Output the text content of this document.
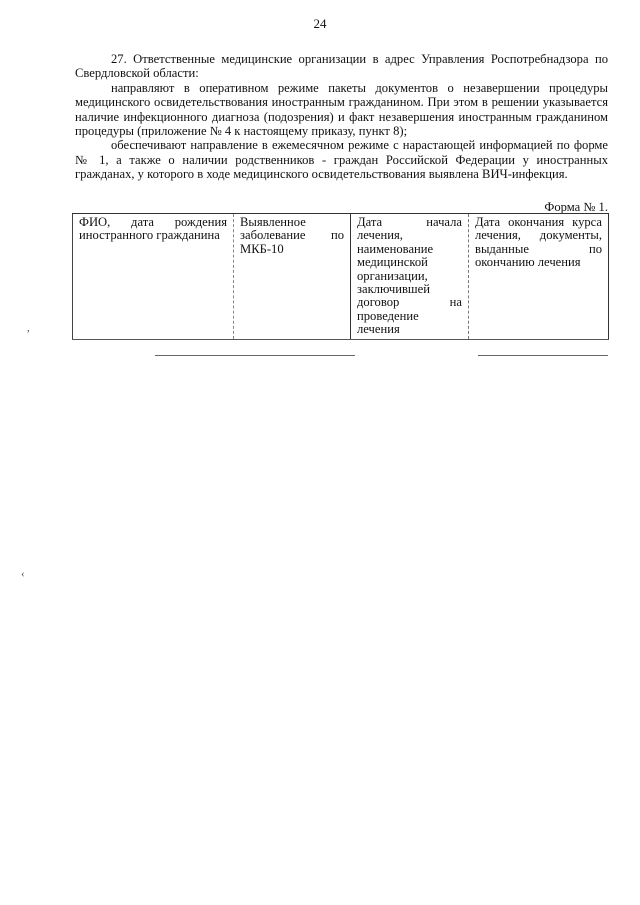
24

27. Ответственные медицинские организации в адрес Управления Роспотребнадзора по Свердловской области:

направляют в оперативном режиме пакеты документов о незавершении процедуры медицинского освидетельствования иностранным гражданином. При этом в решении указывается наличие инфекционного диагноза (подозрения) и факт незавершения иностранным гражданином процедуры (приложение № 4 к настоящему приказу, пункт 8);

обеспечивают направление в ежемесячном режиме с нарастающей информацией по форме № 1, а также о наличии родственников - граждан Российской Федерации у иностранных гражданах, у которого в ходе медицинского освидетельствования выявлена ВИЧ-инфекция.

Форма № 1.
ФИО, дата рождения иностранного гражданина	Выявленное заболевание по МКБ-10	Дата начала лечения, наименование медицинской организации, заключившей договор на проведение лечения	Дата окончания курса лечения, документы, выданные по окончанию лечения
,
‹
